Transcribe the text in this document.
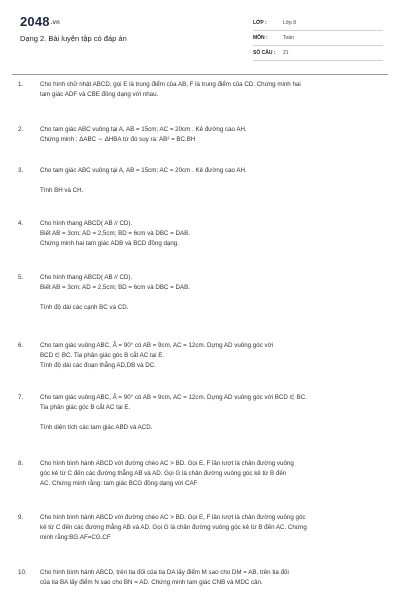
2048.vn
Dạng 2. Bài luyện tập có đáp án
LỚP :	Lớp 8
MÔN :	Toán
SỐ CÂU :	21
1.	Cho hình chữ nhật ABCD, gọi E là trung điểm của AB, F là trung điểm của CD. Chứng minh hai
tam giác ADF và CBE đồng dạng với nhau.
2.	Cho tam giác ABC vuông tại A, AB = 15cm; AC = 20cm . Kẻ đường cao AH.
Chứng minh : ΔABC ∼ ΔHBA từ đó suy ra: AB² = BC.BH
3.	Cho tam giác ABC vuông tại A, AB = 15cm; AC = 20cm . Kẻ đường cao AH.
Tính BH và CH.
4.	Cho hình thang ABCD( AB // CD).
Biết AB = 3cm; AD = 2,5cm; BD = 6cm và DBC = DAB.
Chứng minh hai tam giác ADB và BCD đồng dạng.
5.	Cho hình thang ABCD( AB // CD).
Biết AB = 3cm; AD = 2,5cm; BD = 6cm và DBC = DAB.
Tính độ dài các cạnh BC và CD.
6.	Cho tam giác vuông ABC, Â = 90° có AB = 9cm, AC = 12cm. Dựng AD vuông góc với
BCD ∈ BC. Tia phân giác góc B cắt AC tại E.
Tính độ dài các đoạn thẳng AD,DB và DC.
7.	Cho tam giác vuông ABC, Â = 90° có AB = 9cm, AC = 12cm. Dựng AD vuông góc với BCD ∈ BC.
Tia phân giác góc B cắt AC tại E.
Tính diện tích các tam giác ABD và ACD.
8.	Cho hình bình hành ABCD với đường chéo AC > BD. Gọi E, F lần lượt là chân đường vuông
góc kẻ từ C đến các đường thẳng AB và AD. Gọi G là chân đường vuông góc kẻ từ B đến
AC. Chứng minh rằng: tam giác BCG đồng dạng với CAF
9.	Cho hình bình hành ABCD với đường chéo AC > BD. Gọi E, F lần lượt là chân đường vuông góc
kẻ từ C đến các đường thẳng AB và AD. Gọi G là chân đường vuông góc kẻ từ B đến AC. Chứng
minh rằng:BG.AF=CG.CF
10.	Cho hình bình hành ABCD, trên tia đối của tia DA lấy điểm M sao cho DM = AB, trên tia đối
của tia BA lấy điểm N sao cho BN = AD. Chứng minh tam giác CNB và MDC cân.
